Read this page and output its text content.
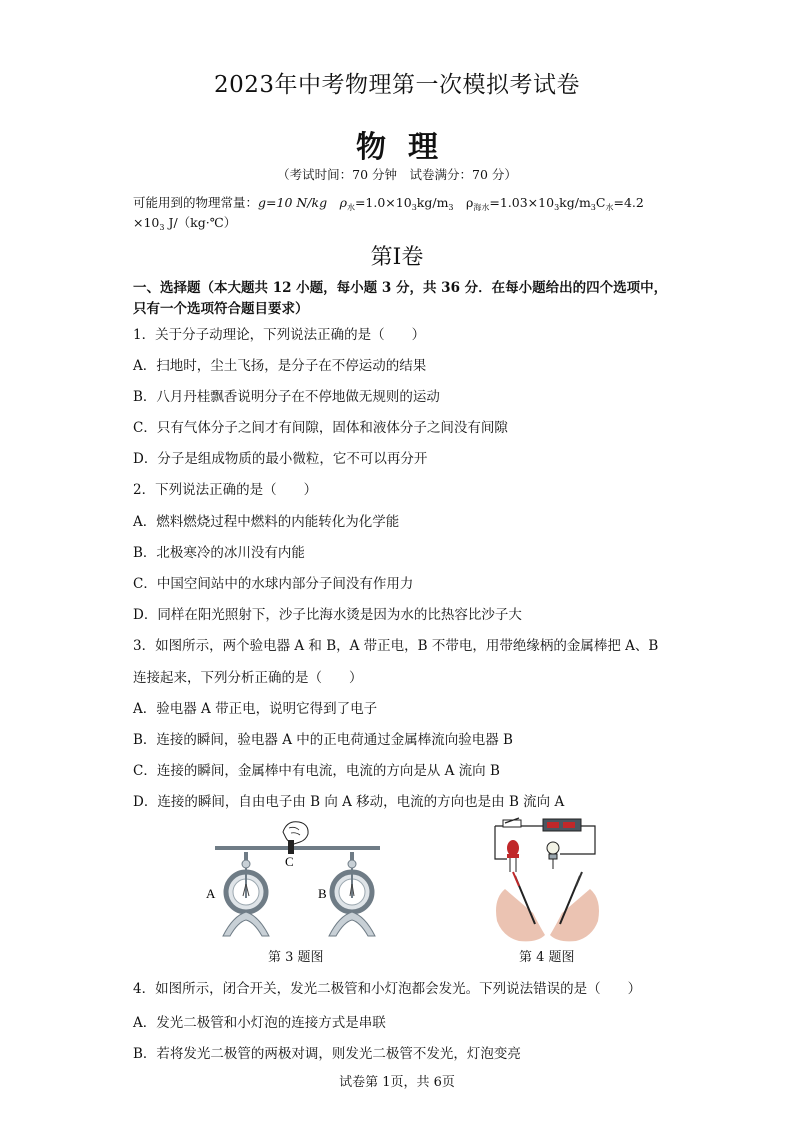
2023年中考物理第一次模拟考试卷
物理
（考试时间：70 分钟　试卷满分：70 分）
可能用到的物理常量：g=10 N/kg　$\rho_水=1.0\times 10_3kg/m_3$　$\rho_{海水}=1.03\times 10_3kg/m_3C_水=4.2$
$\times 10_3$ J/（kg·℃）
第Ⅰ卷
一、选择题（本大题共 12 小题，每小题 3 分，共 36 分．在每小题给出的四个选项中，
只有一个选项符合题目要求）
1．关于分子动理论，下列说法正确的是（　　）
A．扫地时，尘土飞扬，是分子在不停运动的结果
B．八月丹桂飘香说明分子在不停地做无规则的运动
C．只有气体分子之间才有间隙，固体和液体分子之间没有间隙
D．分子是组成物质的最小微粒，它不可以再分开
2．下列说法正确的是（　　）
A．燃料燃烧过程中燃料的内能转化为化学能
B．北极寒冷的冰川没有内能
C．中国空间站中的水球内部分子间没有作用力
D．同样在阳光照射下，沙子比海水烫是因为水的比热容比沙子大
3．如图所示，两个验电器 A 和 B，A 带正电，B 不带电，用带绝缘柄的金属棒把 A、B
连接起来，下列分析正确的是（　　）
A．验电器 A 带正电，说明它得到了电子
B．连接的瞬间，验电器 A 中的正电荷通过金属棒流向验电器 B
C．连接的瞬间，金属棒中有电流，电流的方向是从 A 流向 B
D．连接的瞬间，自由电子由 B 向 A 移动，电流的方向也是由 B 流向 A
A	B
C
第 3 题图	第 4 题图
4．如图所示，闭合开关，发光二极管和小灯泡都会发光。下列说法错误的是（　　）
A．发光二极管和小灯泡的连接方式是串联
B．若将发光二极管的两极对调，则发光二极管不发光，灯泡变亮
试卷第 1页，共 6页
